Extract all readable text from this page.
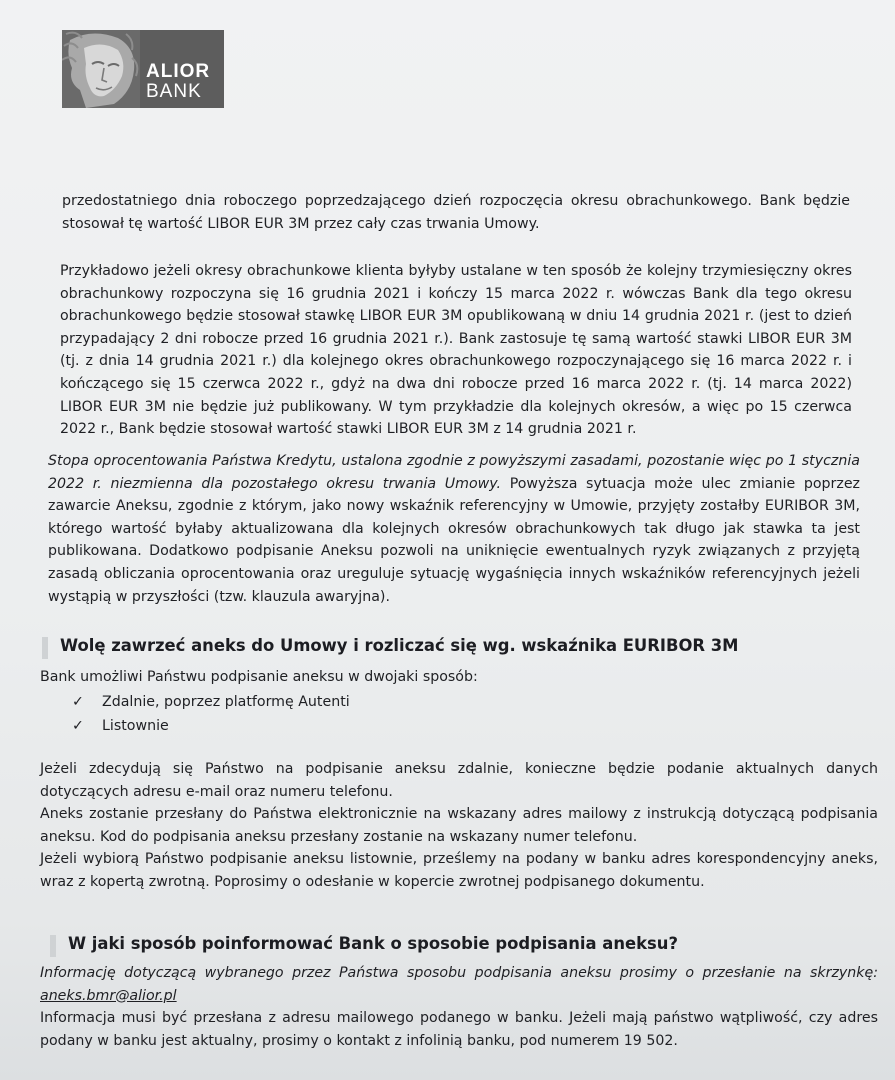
ALIOR
BANK
przedostatniego dnia roboczego poprzedzającego dzień rozpoczęcia okresu obrachunkowego. Bank będzie stosował tę wartość LIBOR EUR 3M przez cały czas trwania Umowy.
Przykładowo jeżeli okresy obrachunkowe klienta byłyby ustalane w ten sposób że kolejny trzymiesięczny okres obrachunkowy rozpoczyna się 16 grudnia 2021 i kończy 15 marca 2022 r. wówczas Bank dla tego okresu obrachunkowego będzie stosował stawkę LIBOR EUR 3M opublikowaną w dniu 14 grudnia 2021 r. (jest to dzień przypadający 2 dni robocze przed 16 grudnia 2021 r.). Bank zastosuje tę samą wartość stawki LIBOR EUR 3M (tj. z dnia 14 grudnia 2021 r.) dla kolejnego okres obrachunkowego rozpoczynającego się 16 marca 2022 r. i kończącego się 15 czerwca 2022 r., gdyż na dwa dni robocze przed 16 marca 2022 r. (tj. 14 marca 2022) LIBOR EUR 3M nie będzie już publikowany. W tym przykładzie dla kolejnych okresów, a więc po 15 czerwca 2022 r., Bank będzie stosował wartość stawki LIBOR EUR 3M z 14 grudnia 2021 r.
Stopa oprocentowania Państwa Kredytu, ustalona zgodnie z powyższymi zasadami, pozostanie więc po 1 stycznia 2022 r. niezmienna dla pozostałego okresu trwania Umowy. Powyższa sytuacja może ulec zmianie poprzez zawarcie Aneksu, zgodnie z którym, jako nowy wskaźnik referencyjny w Umowie, przyjęty zostałby EURIBOR 3M, którego wartość byłaby aktualizowana dla kolejnych okresów obrachunkowych tak długo jak stawka ta jest publikowana. Dodatkowo podpisanie Aneksu pozwoli na uniknięcie ewentualnych ryzyk związanych z przyjętą zasadą obliczania oprocentowania oraz ureguluje sytuację wygaśnięcia innych wskaźników referencyjnych jeżeli wystąpią w przyszłości (tzw. klauzula awaryjna).
Wolę zawrzeć aneks do Umowy i rozliczać się wg. wskaźnika EURIBOR 3M
Bank umożliwi Państwu podpisanie aneksu w dwojaki sposób:
✓ Zdalnie, poprzez platformę Autenti
✓ Listownie
Jeżeli zdecydują się Państwo na podpisanie aneksu zdalnie, konieczne będzie podanie aktualnych danych dotyczących adresu e-mail oraz numeru telefonu.
Aneks zostanie przesłany do Państwa elektronicznie na wskazany adres mailowy z instrukcją dotyczącą podpisania aneksu. Kod do podpisania aneksu przesłany zostanie na wskazany numer telefonu.
Jeżeli wybiorą Państwo podpisanie aneksu listownie, prześlemy na podany w banku adres korespondencyjny aneks, wraz z kopertą zwrotną. Poprosimy o odesłanie w kopercie zwrotnej podpisanego dokumentu.
W jaki sposób poinformować Bank o sposobie podpisania aneksu?
Informację dotyczącą wybranego przez Państwa sposobu podpisania aneksu prosimy o przesłanie na skrzynkę: aneks.bmr@alior.pl
Informacja musi być przesłana z adresu mailowego podanego w banku. Jeżeli mają państwo wątpliwość, czy adres podany w banku jest aktualny, prosimy o kontakt z infolinią banku, pod numerem 19 502.
